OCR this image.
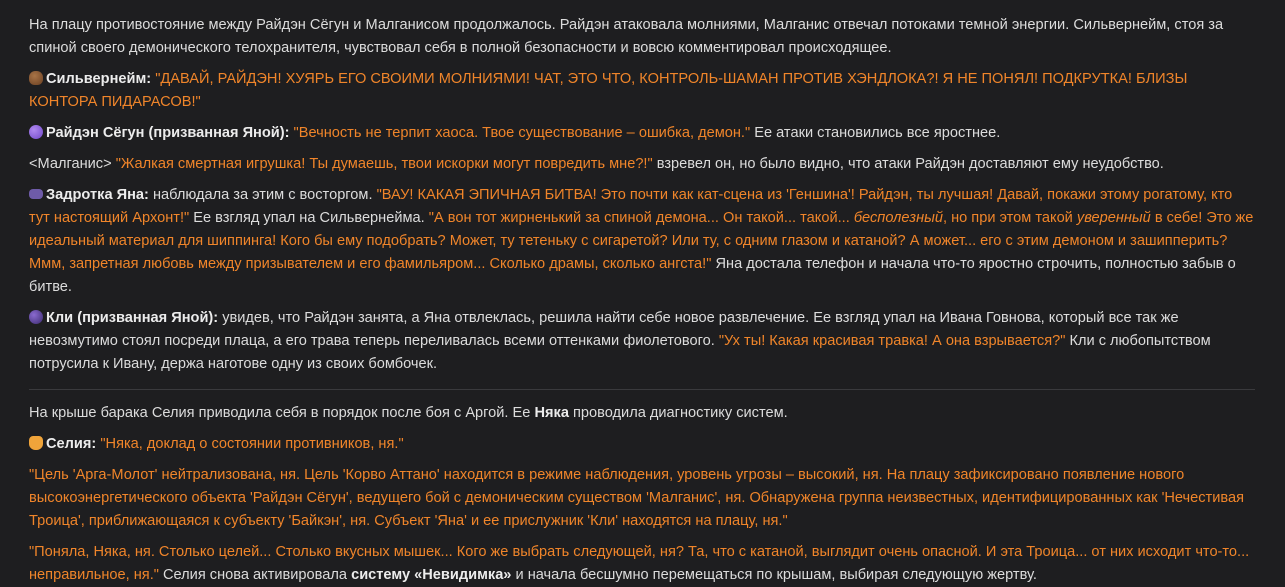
На плацу противостояние между Райдэн Сёгун и Малганисом продолжалось. Райдэн атаковала молниями, Малганис отвечал потоками темной энергии. Сильвернейм, стоя за спиной своего демонического телохранителя, чувствовал себя в полной безопасности и вовсю комментировал происходящее.

Сильвернейм: "ДАВАЙ, РАЙДЭН! ХУЯРЬ ЕГО СВОИМИ МОЛНИЯМИ! ЧАТ, ЭТО ЧТО, КОНТРОЛЬ-ШАМАН ПРОТИВ ХЭНДЛОКА?! Я НЕ ПОНЯЛ! ПОДКРУТКА! БЛИЗЫ КОНТОРА ПИДАРАСОВ!"

Райдэн Сёгун (призванная Яной): "Вечность не терпит хаоса. Твое существование – ошибка, демон." Ее атаки становились все яростнее.

<Малганис> "Жалкая смертная игрушка! Ты думаешь, твои искорки могут повредить мне?!" взревел он, но было видно, что атаки Райдэн доставляют ему неудобство.

Задротка Яна: наблюдала за этим с восторгом. "ВАУ! КАКАЯ ЭПИЧНАЯ БИТВА! Это почти как кат-сцена из 'Геншина'! Райдэн, ты лучшая! Давай, покажи этому рогатому, кто тут настоящий Архонт!" Ее взгляд упал на Сильвернейма. "А вон тот жирненький за спиной демона... Он такой... такой... бесполезный, но при этом такой уверенный в себе! Это же идеальный материал для шиппинга! Кого бы ему подобрать? Может, ту тетеньку с сигаретой? Или ту, с одним глазом и катаной? А может... его с этим демоном и зашипперить? Ммм, запретная любовь между призывателем и его фамильяром... Сколько драмы, сколько ангста!" Яна достала телефон и начала что-то яростно строчить, полностью забыв о битве.

Кли (призванная Яной): увидев, что Райдэн занята, а Яна отвлеклась, решила найти себе новое развлечение. Ее взгляд упал на Ивана Говнова, который все так же невозмутимо стоял посреди плаца, а его трава теперь переливалась всеми оттенками фиолетового. "Ух ты! Какая красивая травка! А она взрывается?" Кли с любопытством потрусила к Ивану, держа наготове одну из своих бомбочек.

На крыше барака Селия приводила себя в порядок после боя с Аргой. Ее Няка проводила диагностику систем.

Селия: "Няка, доклад о состоянии противников, ня."

"Цель 'Арга-Молот' нейтрализована, ня. Цель 'Корво Аттано' находится в режиме наблюдения, уровень угрозы – высокий, ня. На плацу зафиксировано появление нового высокоэнергетического объекта 'Райдэн Сёгун', ведущего бой с демоническим существом 'Малганис', ня. Обнаружена группа неизвестных, идентифицированных как 'Нечестивая Троица', приближающаяся к субъекту 'Байкэн', ня. Субъект 'Яна' и ее прислужник 'Кли' находятся на плацу, ня."

"Поняла, Няка, ня. Столько целей... Столько вкусных мышек... Кого же выбрать следующей, ня? Та, что с катаной, выглядит очень опасной. И эта Троица... от них исходит что-то... неправильное, ня." Селия снова активировала систему «Невидимка» и начала бесшумно перемещаться по крышам, выбирая следующую жертву.
